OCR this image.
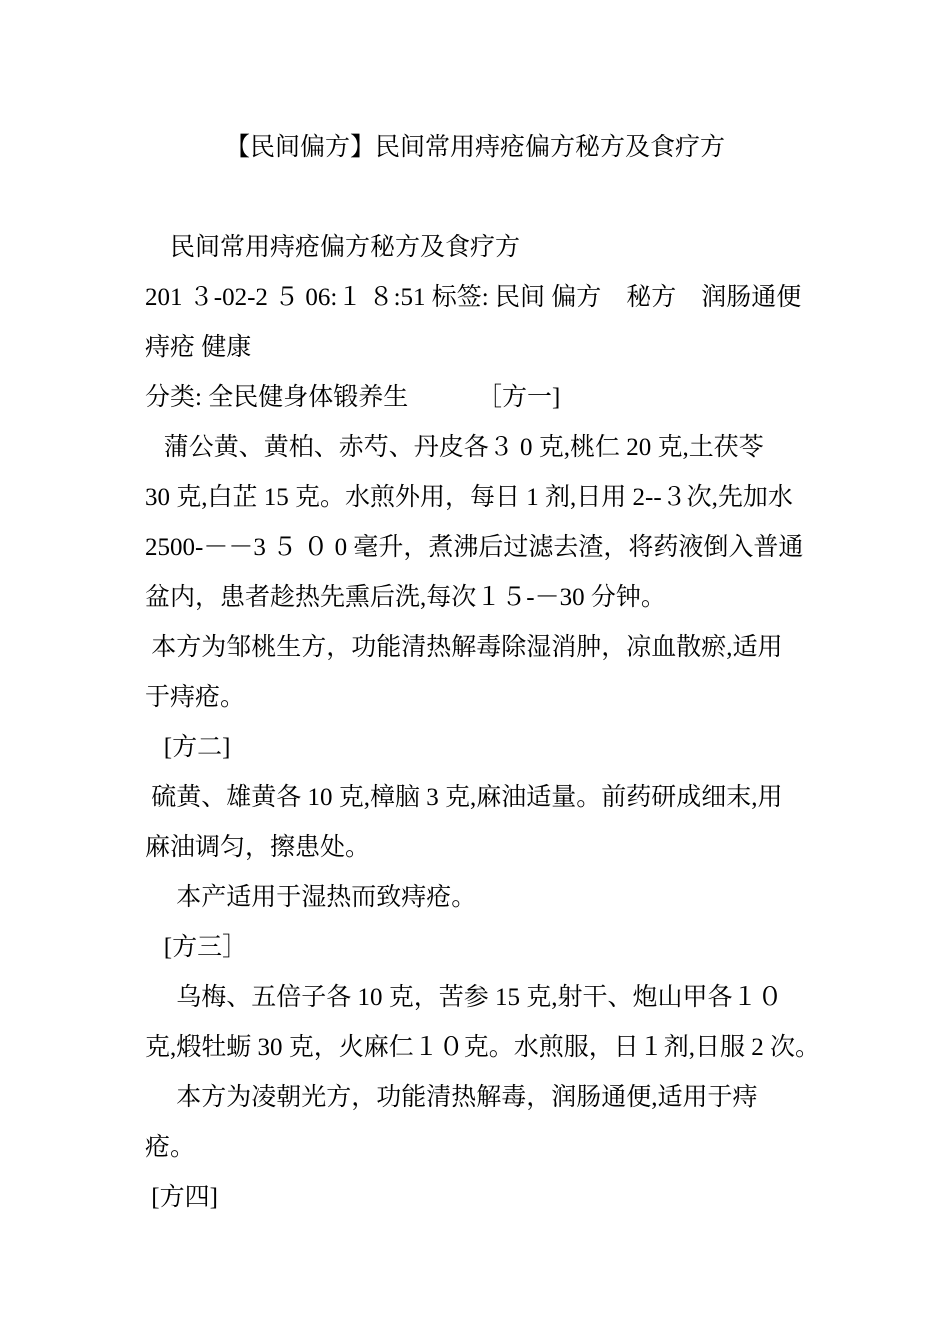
【民间偏方】民间常用痔疮偏方秘方及食疗方
民间常用痔疮偏方秘方及食疗方
201 ３-02-2 ５ 06:１ ８:51 标签: 民间 偏方    秘方    润肠通便
痔疮 健康
分类: 全民健身体锻养生           ［方一]
蒲公黄、黄柏、赤芍、丹皮各３ 0 克,桃仁 20 克,土茯苓
30 克,白芷 15 克。水煎外用，每日 1 剂,日用 2--３次,先加水
2500-－－3 ５ ０ 0 毫升，煮沸后过滤去渣，将药液倒入普通
盆内，患者趁热先熏后洗,每次１５-－30 分钟。
本方为邹桃生方，功能清热解毒除湿消肿，凉血散瘀,适用
于痔疮。
[方二]
硫黄、雄黄各 10 克,樟脑 3 克,麻油适量。前药研成细末,用
麻油调匀，擦患处。
本产适用于湿热而致痔疮。
[方三］
乌梅、五倍子各 10 克，苦参 15 克,射干、炮山甲各１０
克,煅牡蛎 30 克，火麻仁１０克。水煎服，日１剂,日服 2 次。
本方为凌朝光方，功能清热解毒，润肠通便,适用于痔
疮。
[方四]
